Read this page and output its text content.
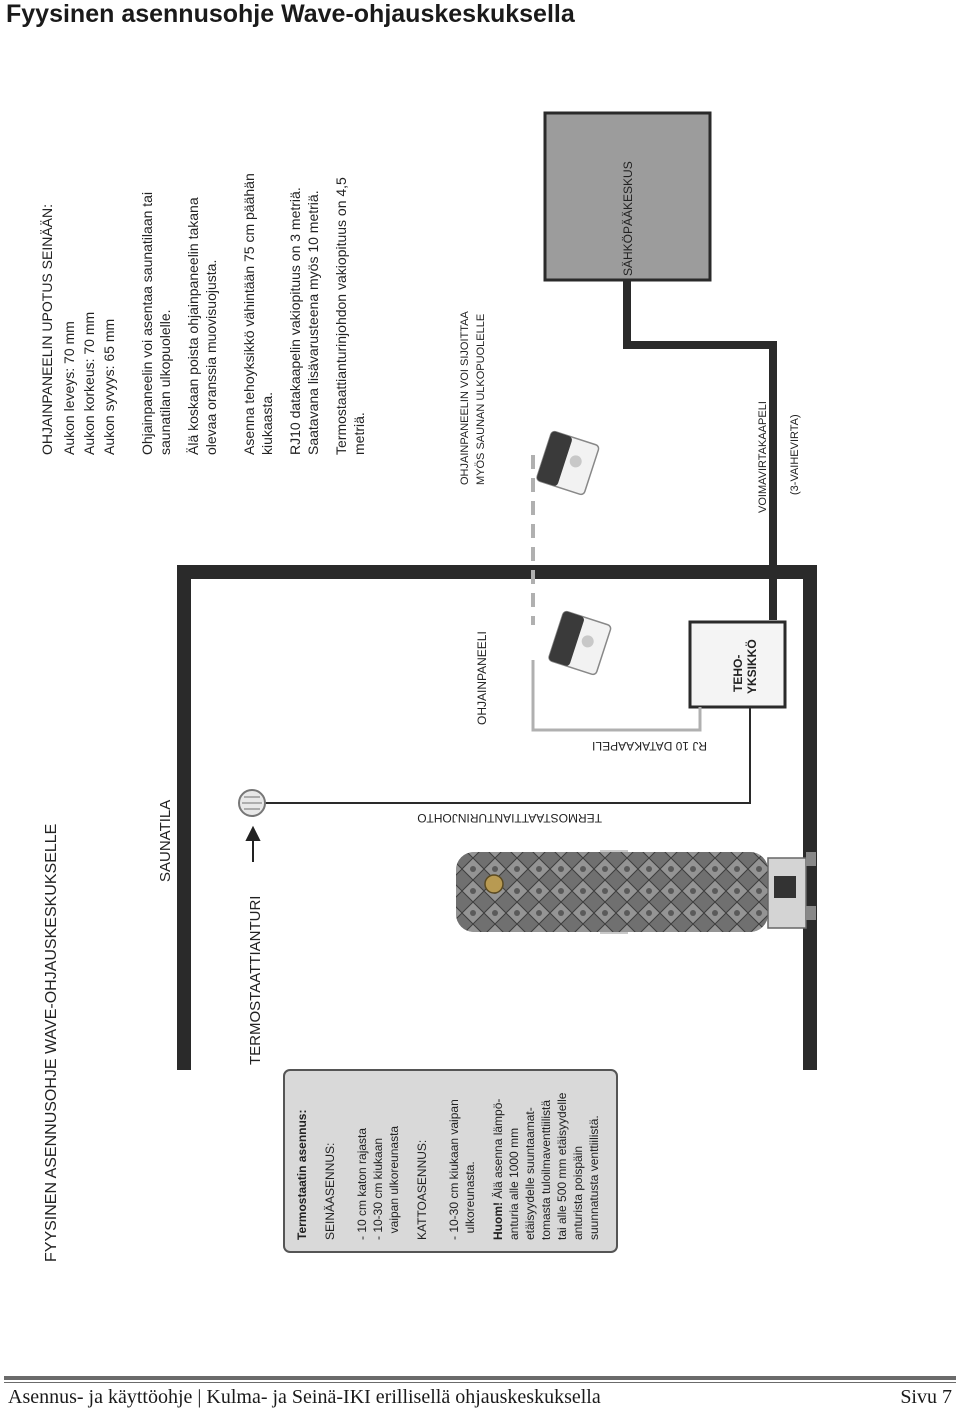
Fyysinen asennusohje Wave-ohjauskeskuksella
FYYSINEN ASENNUSOHJE WAVE-OHJAUSKESKUKSELLE
SÄHKÖPÄÄKESKUS
TEHO- YKSIKKÖ
VOIMAVIRTAKAAPELI (3-VAIHEVIRTA)
RJ 10 DATAKAAPELI
OHJAINPANEELI
OHJAINPANEELIN VOI SIJOITTAA MYÖS SAUNAN ULKOPUOLELLE
TERMOSTAATTIANTURINJOHTO
SAUNATILA
TERMOSTAATTIANTURI
OHJAINPANEELIN UPOTUS SEINÄÄN: Aukon leveys: 70 mm Aukon korkeus: 70 mm Aukon syvyys: 65 mm Ohjainpaneelin voi asentaa saunatilaan tai saunatilan ulkopuolelle. Älä koskaan poista ohjainpaneelin takana olevaa oranssia muovisuojusta. Asenna tehoyksikkö vähintään 75 cm päähän kiukaasta. RJ10 datakaapelin vakiopituus on 3 metriä. Saatavana lisävarusteena myös 10 metriä. Termostaattianturinjohdon vakiopituus on 4,5 metriä.
Termostaatin asennus: SEINÄASENNUS: - 10 cm katon rajasta - 10-30 cm kiukaan vaipan ulkoreunasta KATTOASENNUS: - 10-30 cm kiukaan vaipan ulkoreunasta. Huom! Älä asenna lämpö- anturia alle 1000 mm etäisyydelle suuntaamat- tomasta tuloilmaventtiilistä tai alle 500 mm etäisyydelle anturista poispäin suunnatusta venttiilistä.
Asennus- ja käyttöohje | Kulma- ja Seinä-IKI erillisellä ohjauskeskuksella	Sivu 7
